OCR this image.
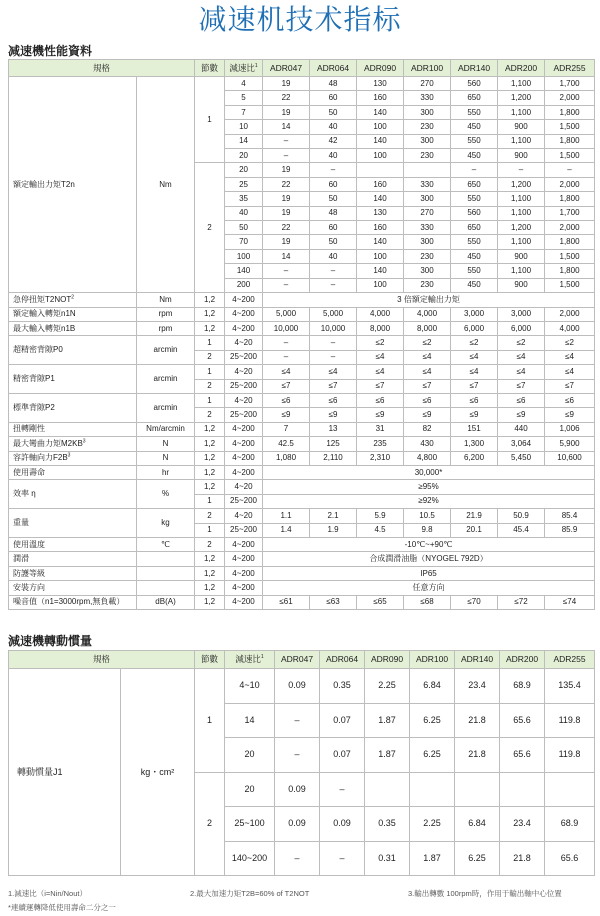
减速机技术指标
减速機性能資料
規格		節數	減速比$^1$	ADR047	ADR064	ADR090	ADR100	ADR140	ADR200	ADR255
額定輸出力矩T2n	Nm	1	4	19	48	130	270	560	1,100	1,700
			5	22	60	160	330	650	1,200	2,000
			7	19	50	140	300	550	1,100	1,800
			10	14	40	100	230	450	900	1,500
			14	–	42	140	300	550	1,100	1,800
			20	–	40	100	230	450	900	1,500
		2	20	19	–			–	–	–
			25	22	60	160	330	650	1,200	2,000
			35	19	50	140	300	550	1,100	1,800
			40	19	48	130	270	560	1,100	1,700
			50	22	60	160	330	650	1,200	2,000
			70	19	50	140	300	550	1,100	1,800
			100	14	40	100	230	450	900	1,500
			140	–	–	140	300	550	1,100	1,800
			200	–	–	100	230	450	900	1,500
急停扭矩T2NOT$^2$	Nm	1,2	4~200	3 倍額定輸出力矩						
額定輸入轉矩n1N	rpm	1,2	4~200	5,000	5,000	4,000	4,000	3,000	3,000	2,000
最大輸入轉矩n1B	rpm	1,2	4~200	10,000	10,000	8,000	8,000	6,000	6,000	4,000
超精密背隙P0	arcmin	1	4~20	–	–	≤2	≤2	≤2	≤2	≤2
		2	25~200	–	–	≤4	≤4	≤4	≤4	≤4
精密背隙P1	arcmin	1	4~20	≤4	≤4	≤4	≤4	≤4	≤4	≤4
		2	25~200	≤7	≤7	≤7	≤7	≤7	≤7	≤7
標準背隙P2	arcmin	1	4~20	≤6	≤6	≤6	≤6	≤6	≤6	≤6
		2	25~200	≤9	≤9	≤9	≤9	≤9	≤9	≤9
扭轉剛性	Nm/arcmin	1,2	4~200	7	13	31	82	151	440	1,006
最大彎曲力矩$M2KB^3$	N	1,2	4~200	42.5	125	235	430	1,300	3,064	5,900
容許軸向力$F2B^3$	N	1,2	4~200	1,080	2,110	2,310	4,800	6,200	5,450	10,600
使用壽命	hr	1,2	4~200	30,000*						
效率 η	%	1,2	4~20	≥95%						
		1	25~200	≥92%						
重量	kg	2	4~20	1.1	2.1	5.9	10.5	21.9	50.9	85.4
		1	25~200	1.4	1.9	4.5	9.8	20.1	45.4	85.9
使用溫度	℃	2	4~200	-10℃~+90℃						
潤滑		1,2	4~200	合成潤滑油脂（NYOGEL 792D）						
防護等級		1,2	4~200	IP65						
安裝方向		1,2	4~200	任意方向						
噪音值（n1=3000rpm,無負載）	dB(A)	1,2	4~200	≤61	≤63	≤65	≤68	≤70	≤72	≤74
減速機轉動慣量
規格		節數	減速比$^1$	ADR047	ADR064	ADR090	ADR100	ADR140	ADR200	ADR255
轉動慣量J1	kg・cm²	1	4~10	0.09	0.35	2.25	6.84	23.4	68.9	135.4
			14	–	0.07	1.87	6.25	21.8	65.6	119.8
			20	–	0.07	1.87	6.25	21.8	65.6	119.8
		2	20	0.09	–					
			25~100	0.09	0.09	0.35	2.25	6.84	23.4	68.9
			140~200	–	–	0.31	1.87	6.25	21.8	65.6
1.減速比（i=Nin/Nout）	2.最大加速力矩T2B=60% of T2NOT	3.輸出轉數 100rpm時，作用于輸出軸中心位置
*連續運轉降低使用壽命二分之一
